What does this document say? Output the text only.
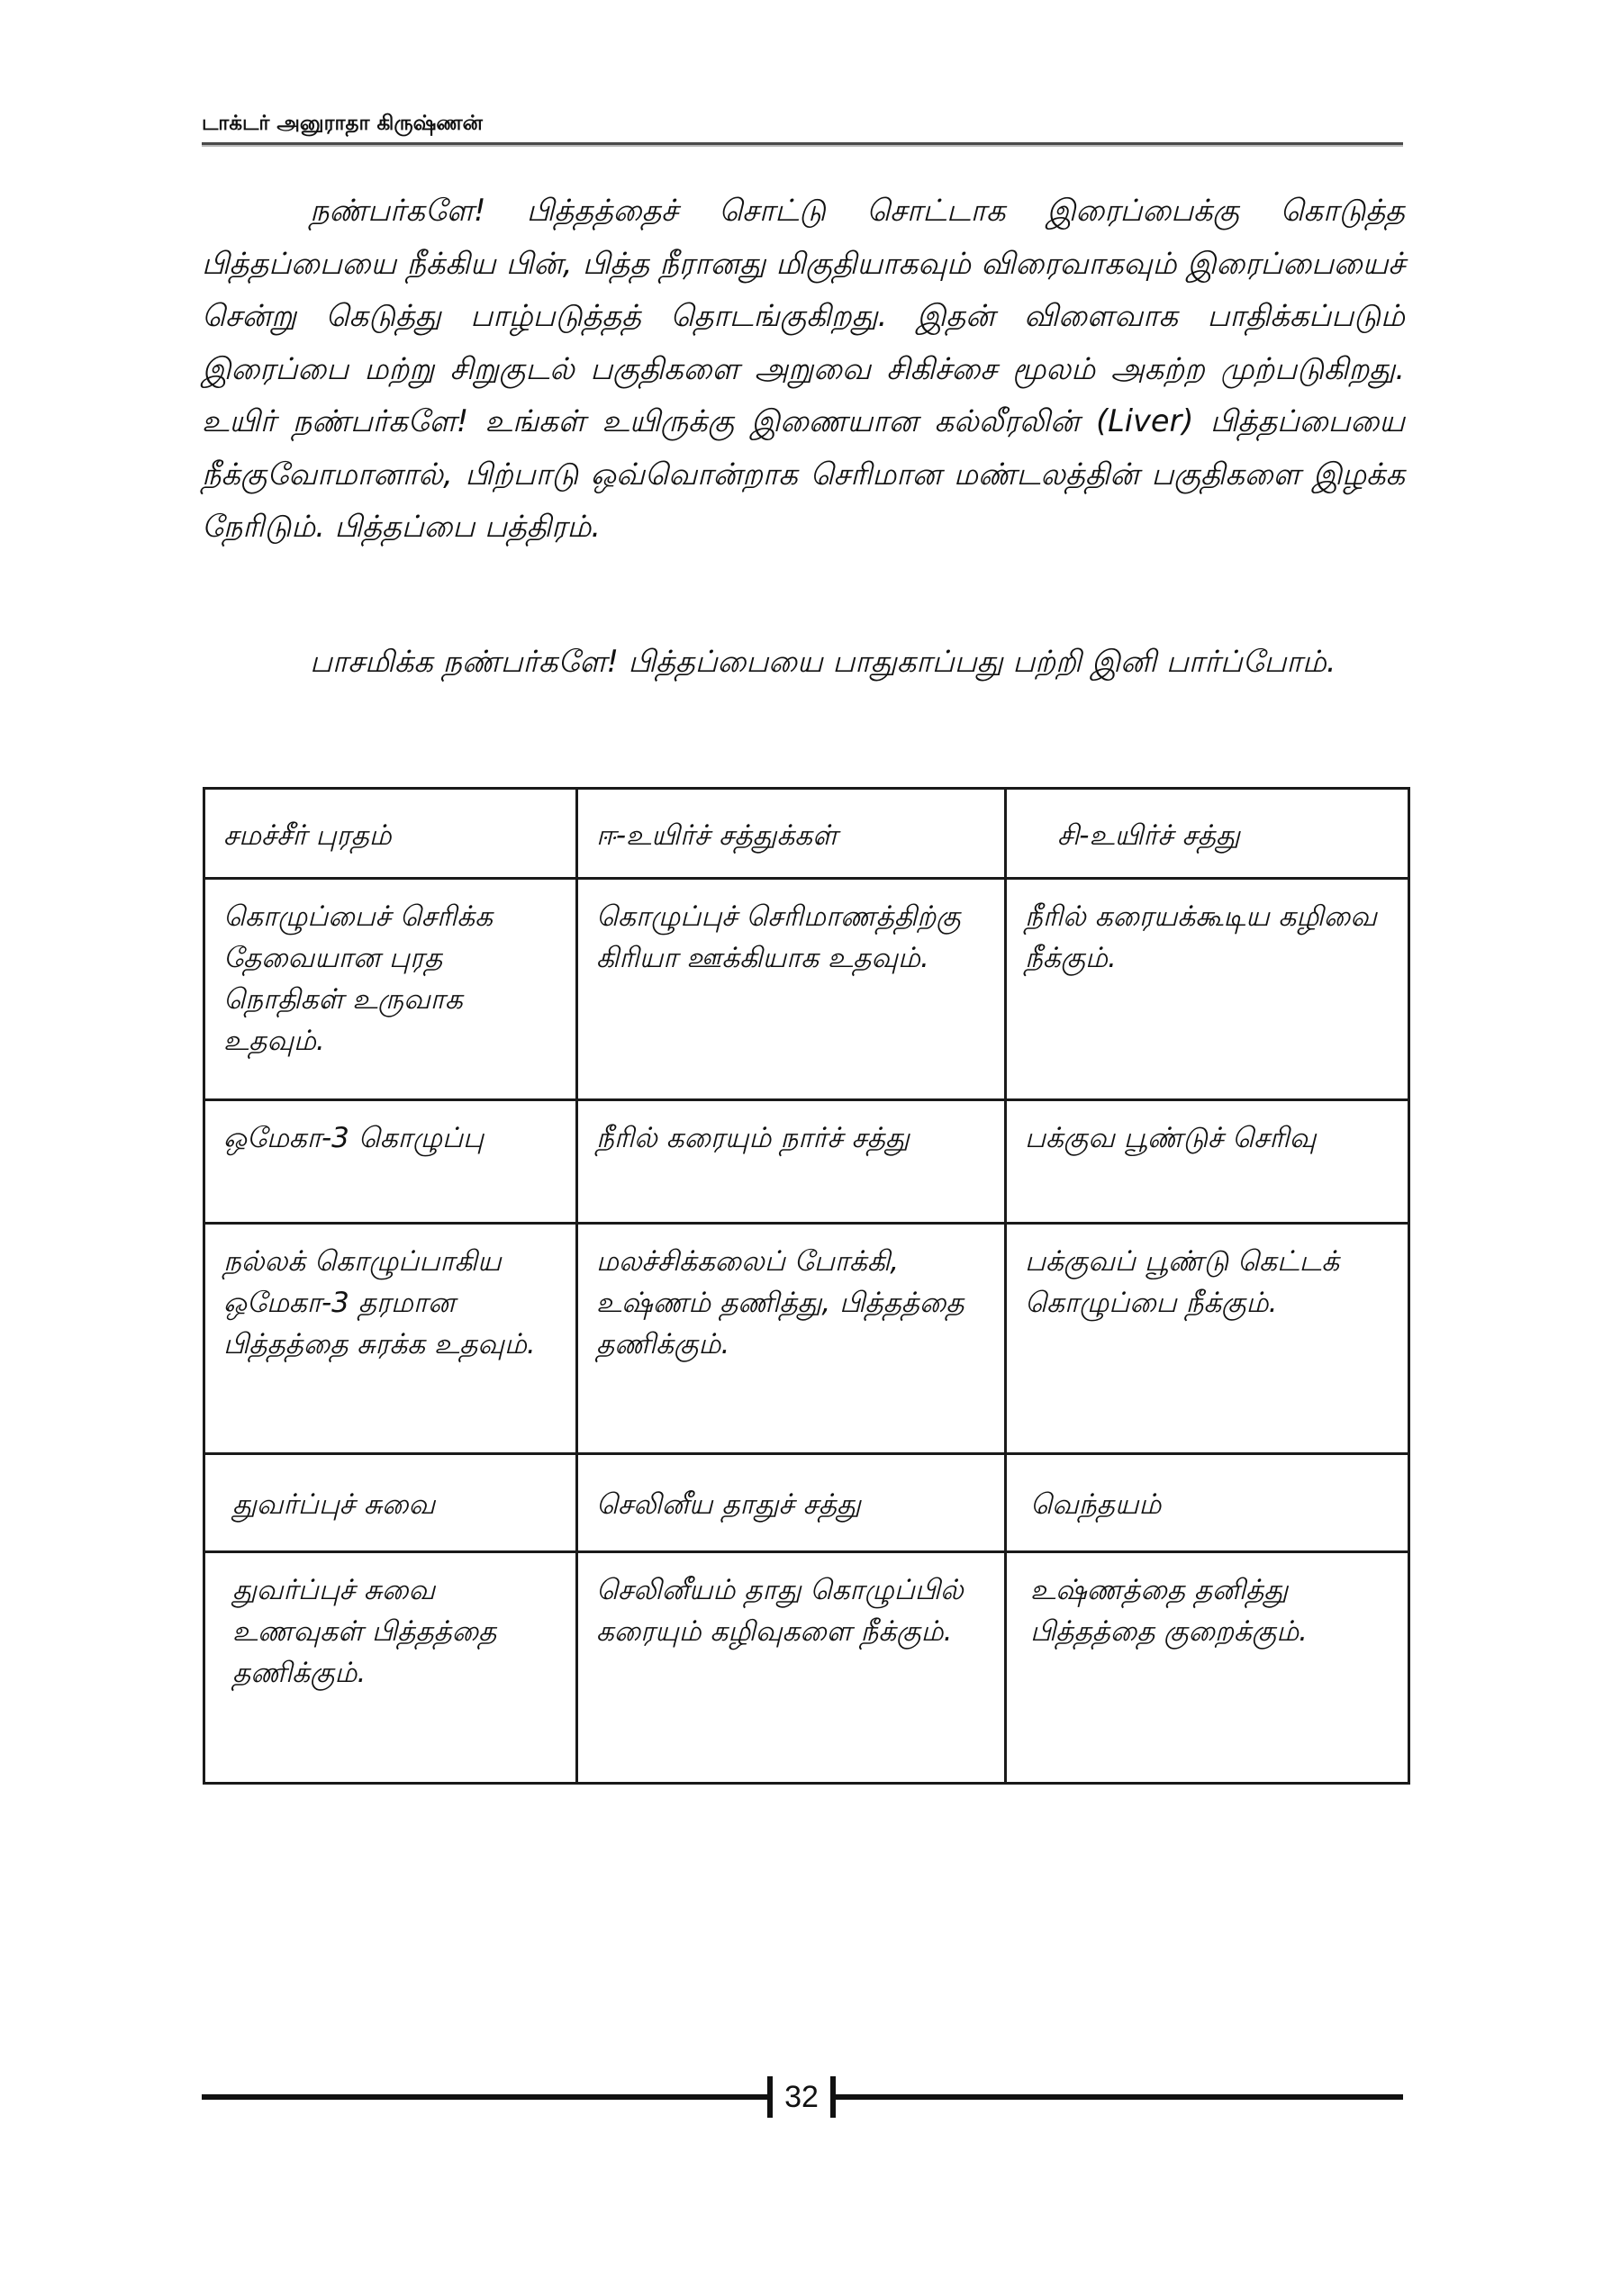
டாக்டர் அனுராதா கிருஷ்ணன்

நண்பர்களே! பித்தத்தைச் சொட்டு சொட்டாக இரைப்பைக்கு கொடுத்த பித்தப்பையை நீக்கிய பின், பித்த நீரானது மிகுதியாகவும் விரைவாகவும் இரைப்பையைச் சென்று கெடுத்து பாழ்படுத்தத் தொடங்குகிறது. இதன் விளைவாக பாதிக்கப்படும் இரைப்பை மற்று சிறுகுடல் பகுதிகளை அறுவை சிகிச்சை மூலம் அகற்ற முற்படுகிறது. உயிர் நண்பர்களே! உங்கள் உயிருக்கு இணையான கல்லீரலின் (Liver) பித்தப்பையை நீக்குவோமானால், பிற்பாடு ஒவ்வொன்றாக செரிமான மண்டலத்தின் பகுதிகளை இழக்க நேரிடும். பித்தப்பை பத்திரம்.

பாசமிக்க நண்பர்களே! பித்தப்பையை பாதுகாப்பது பற்றி இனி பார்ப்போம்.

சமச்சீர் புரதம்	ஈ-உயிர்ச் சத்துக்கள்	சி-உயிர்ச் சத்து
கொழுப்பைச் செரிக்க தேவையான புரத நொதிகள் உருவாக உதவும்.	கொழுப்புச் செரிமாணத்திற்கு கிரியா ஊக்கியாக உதவும்.	நீரில் கரையக்கூடிய கழிவை நீக்கும்.
ஒமேகா-3 கொழுப்பு	நீரில் கரையும் நார்ச் சத்து	பக்குவ பூண்டுச் செரிவு
நல்லக் கொழுப்பாகிய ஒமேகா-3 தரமான பித்தத்தை சுரக்க உதவும்.	மலச்சிக்கலைப் போக்கி, உஷ்ணம் தணித்து, பித்தத்தை தணிக்கும்.	பக்குவப் பூண்டு கெட்டக் கொழுப்பை நீக்கும்.
துவர்ப்புச் சுவை	செலினீய தாதுச் சத்து	வெந்தயம்
துவர்ப்புச் சுவை உணவுகள் பித்தத்தை தணிக்கும்.	செலினீயம் தாது கொழுப்பில் கரையும் கழிவுகளை நீக்கும்.	உஷ்ணத்தை தனித்து பித்தத்தை குறைக்கும்.
32
